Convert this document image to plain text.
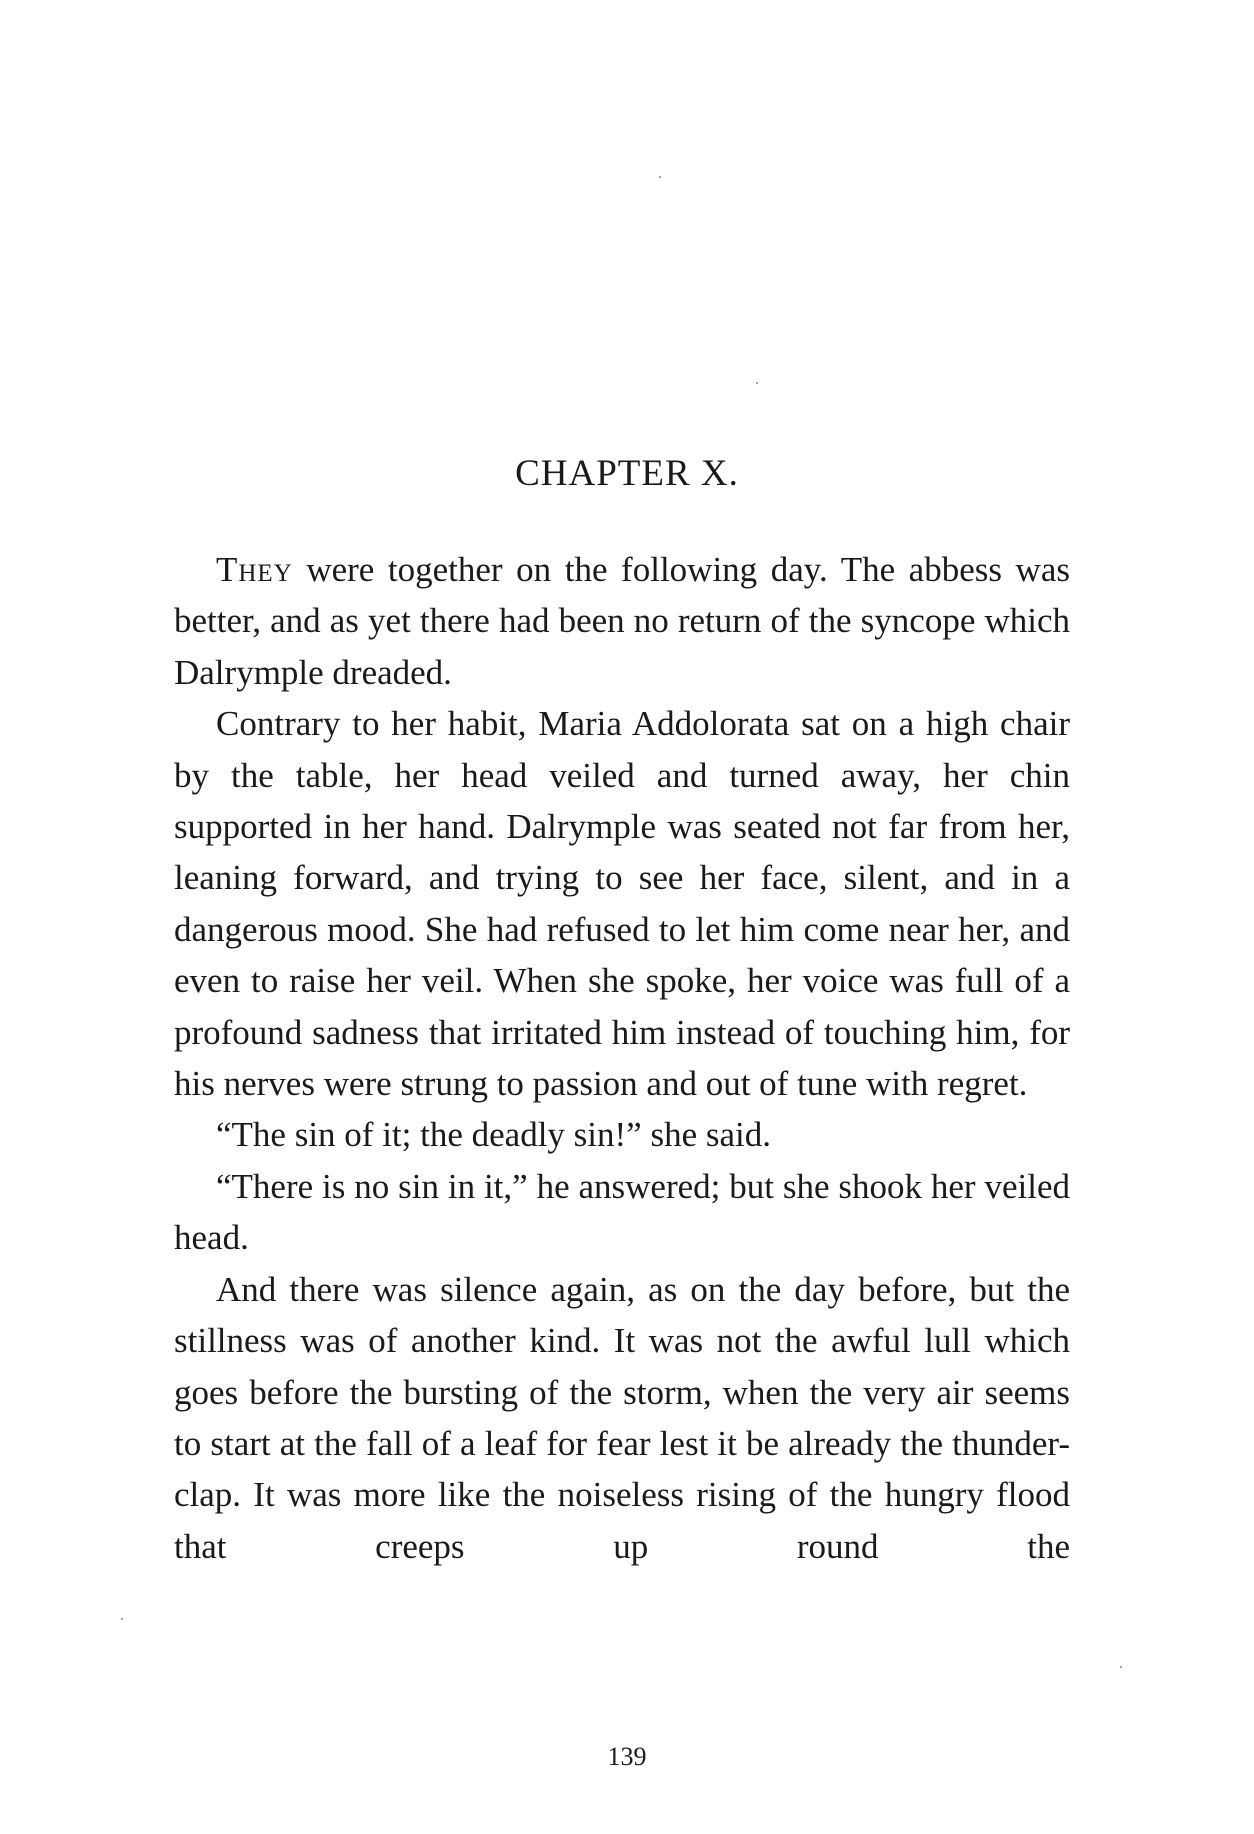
CHAPTER X.

They were together on the following day. The abbess was better, and as yet there had been no return of the syncope which Dalrymple dreaded.

Contrary to her habit, Maria Addolorata sat on a high chair by the table, her head veiled and turned away, her chin supported in her hand. Dalrymple was seated not far from her, leaning forward, and trying to see her face, silent, and in a dangerous mood. She had refused to let him come near her, and even to raise her veil. When she spoke, her voice was full of a profound sadness that irritated him instead of touching him, for his nerves were strung to passion and out of tune with regret.

“The sin of it; the deadly sin!” she said.

“There is no sin in it,” he answered; but she shook her veiled head.

And there was silence again, as on the day before, but the stillness was of another kind. It was not the awful lull which goes before the bursting of the storm, when the very air seems to start at the fall of a leaf for fear lest it be already the thunder-clap. It was more like the noiseless rising of the hungry flood that creeps up round the

139
